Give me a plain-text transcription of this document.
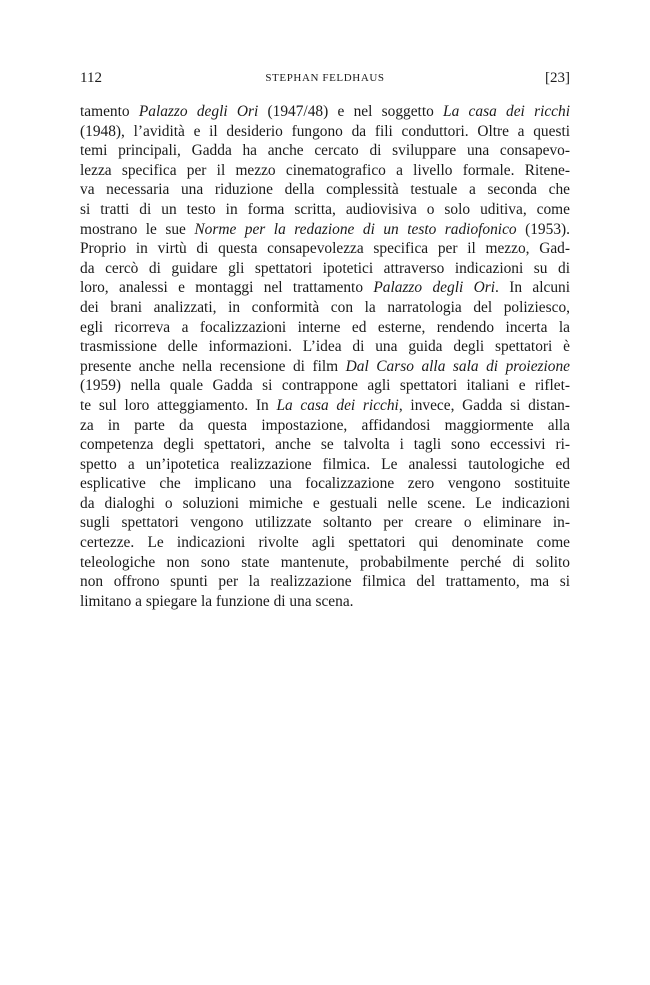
112	STEPHAN FELDHAUS	[23]
tamento Palazzo degli Ori (1947/48) e nel soggetto La casa dei ricchi
(1948), l’avidità e il desiderio fungono da fili conduttori. Oltre a questi
temi principali, Gadda ha anche cercato di sviluppare una consapevo-
lezza specifica per il mezzo cinematografico a livello formale. Ritene-
va necessaria una riduzione della complessità testuale a seconda che
si tratti di un testo in forma scritta, audiovisiva o solo uditiva, come
mostrano le sue Norme per la redazione di un testo radiofonico (1953).
Proprio in virtù di questa consapevolezza specifica per il mezzo, Gad-
da cercò di guidare gli spettatori ipotetici attraverso indicazioni su di
loro, analessi e montaggi nel trattamento Palazzo degli Ori. In alcuni
dei brani analizzati, in conformità con la narratologia del poliziesco,
egli ricorreva a focalizzazioni interne ed esterne, rendendo incerta la
trasmissione delle informazioni. L’idea di una guida degli spettatori è
presente anche nella recensione di film Dal Carso alla sala di proiezione
(1959) nella quale Gadda si contrappone agli spettatori italiani e riflet-
te sul loro atteggiamento. In La casa dei ricchi, invece, Gadda si distan-
za in parte da questa impostazione, affidandosi maggiormente alla
competenza degli spettatori, anche se talvolta i tagli sono eccessivi ri-
spetto a un’ipotetica realizzazione filmica. Le analessi tautologiche ed
esplicative che implicano una focalizzazione zero vengono sostituite
da dialoghi o soluzioni mimiche e gestuali nelle scene. Le indicazioni
sugli spettatori vengono utilizzate soltanto per creare o eliminare in-
certezze. Le indicazioni rivolte agli spettatori qui denominate come
teleologiche non sono state mantenute, probabilmente perché di solito
non offrono spunti per la realizzazione filmica del trattamento, ma si
limitano a spiegare la funzione di una scena.
